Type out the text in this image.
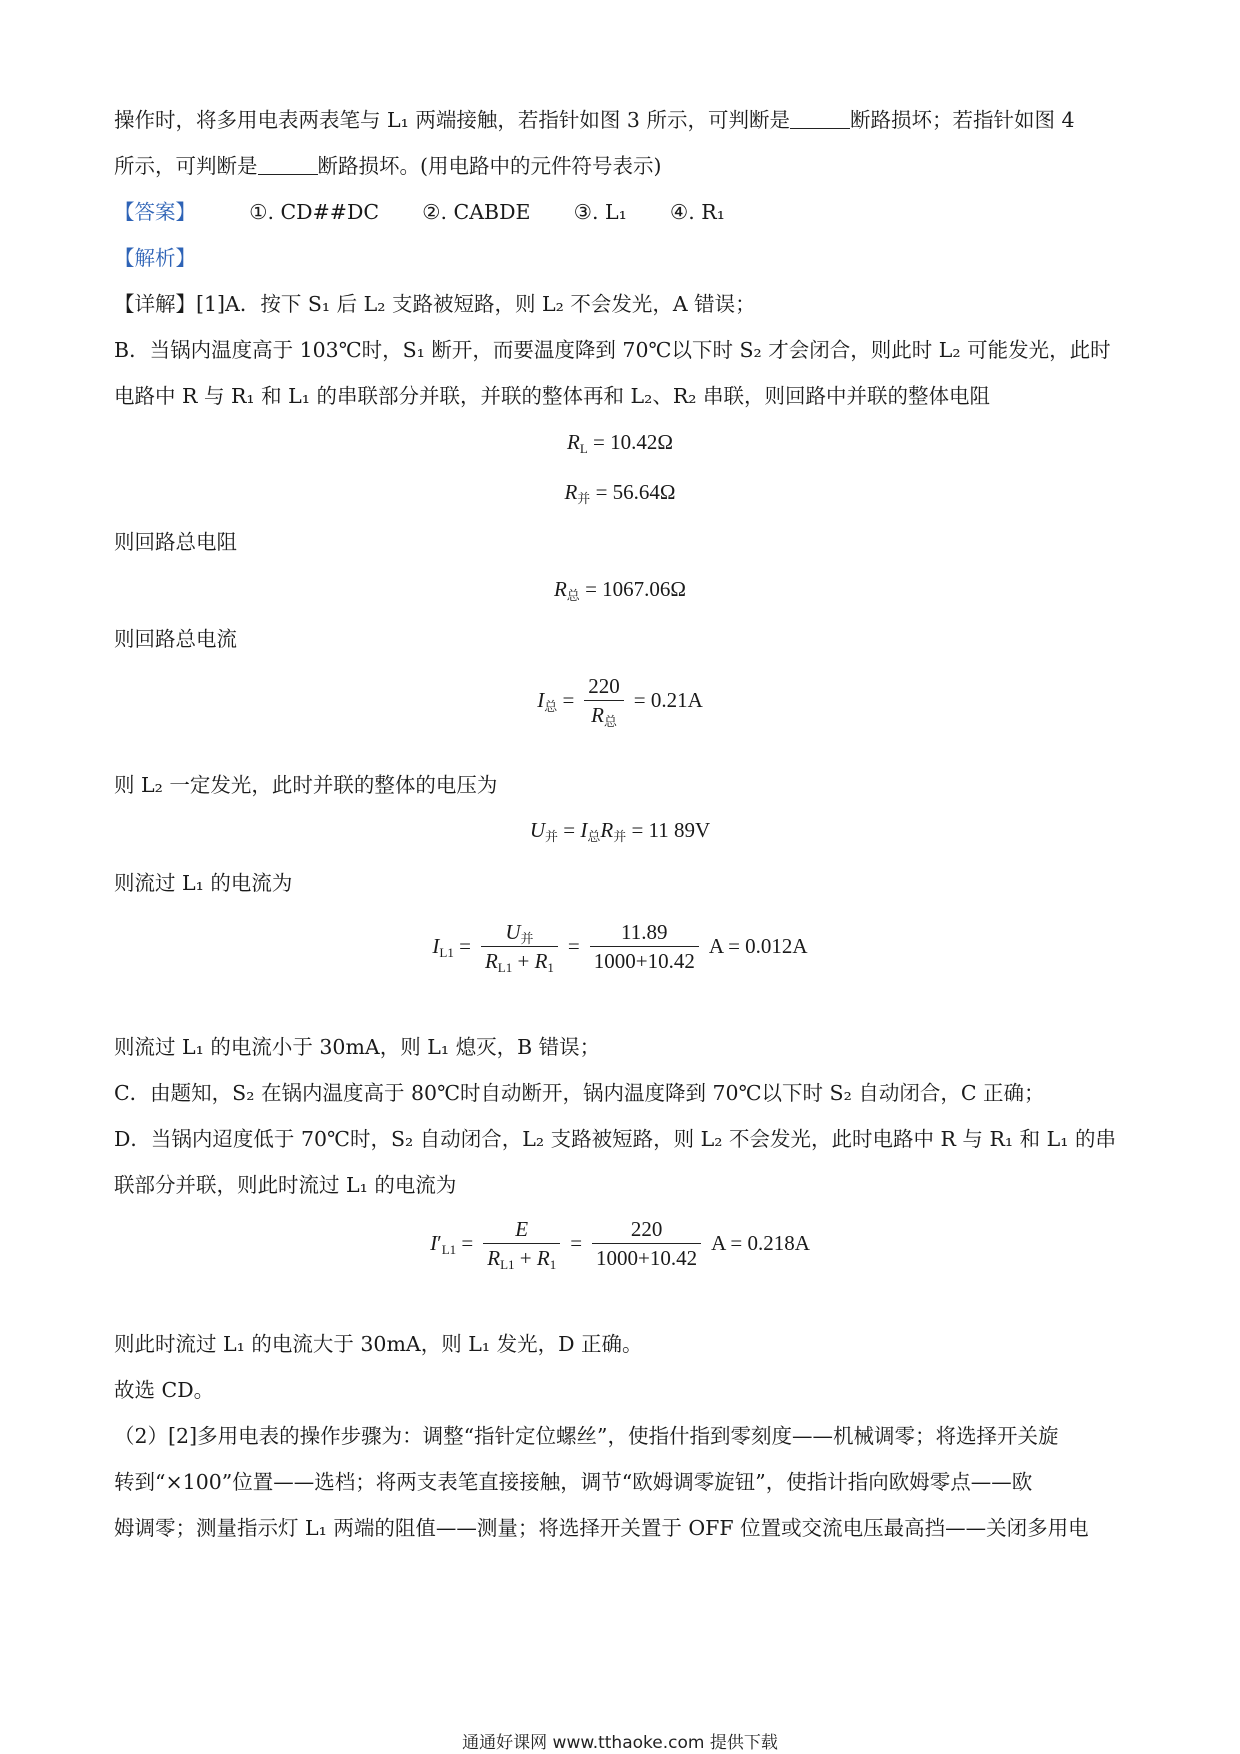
操作时，将多用电表两表笔与 L₁ 两端接触，若指针如图 3 所示，可判断是	断路损坏；若指针如图 4
所示，可判断是	断路损坏。(用电路中的元件符号表示)
【答案】	①. CD##DC ②. CABDE ③. L₁ ④. R₁
【解析】
【详解】[1]A．按下 S₁ 后 L₂ 支路被短路，则 L₂ 不会发光，A 错误；
B．当锅内温度高于 103℃时，S₁ 断开，而要温度降到 70℃以下时 S₂ 才会闭合，则此时 L₂ 可能发光，此时
电路中 R 与 R₁ 和 L₁ 的串联部分并联，并联的整体再和 L₂、R₂ 串联，则回路中并联的整体电阻
$R_L = 10.42\Omega$
$R_并 = 56.64\Omega$
则回路总电阻
$R_总 = 1067.06\Omega$
则回路总电流
$I_总 = \frac{220}{R_总} = 0.21A$
则 L₂ 一定发光，此时并联的整体的电压为
$U_并 = I_总R_并 = 11$ 89V
则流过 L₁ 的电流为
$I_{L1} = \frac{U_并}{R_{L1} + R_1} = \frac{11.89}{1000+10.42}$ A = 0.012A
则流过 L₁ 的电流小于 30mA，则 L₁ 熄灭，B 错误；
C．由题知，S₂ 在锅内温度高于 80℃时自动断开，锅内温度降到 70℃以下时 S₂ 自动闭合，C 正确；
D．当锅内迢度低于 70℃时，S₂ 自动闭合，L₂ 支路被短路，则 L₂ 不会发光，此时电路中 R 与 R₁ 和 L₁ 的串
联部分并联，则此时流过 L₁ 的电流为
$I'_{L1} = \frac{E}{R_{L1} + R_1} = \frac{220}{1000+10.42}$ A = 0.218A
则此时流过 L₁ 的电流大于 30mA，则 L₁ 发光，D 正确。
故选 CD。
（2）[2]多用电表的操作步骤为：调整“指针定位螺丝”，使指什指到零刻度——机械调零；将选择开关旋
转到“×100”位置——选档；将两支表笔直接接触，调节“欧姆调零旋钮”，使指计指向欧姆零点——欧
姆调零；测量指示灯 L₁ 两端的阻值——测量；将选择开关置于 OFF 位置或交流电压最高挡——关闭多用电
通通好课网 www.tthaoke.com 提供下载
